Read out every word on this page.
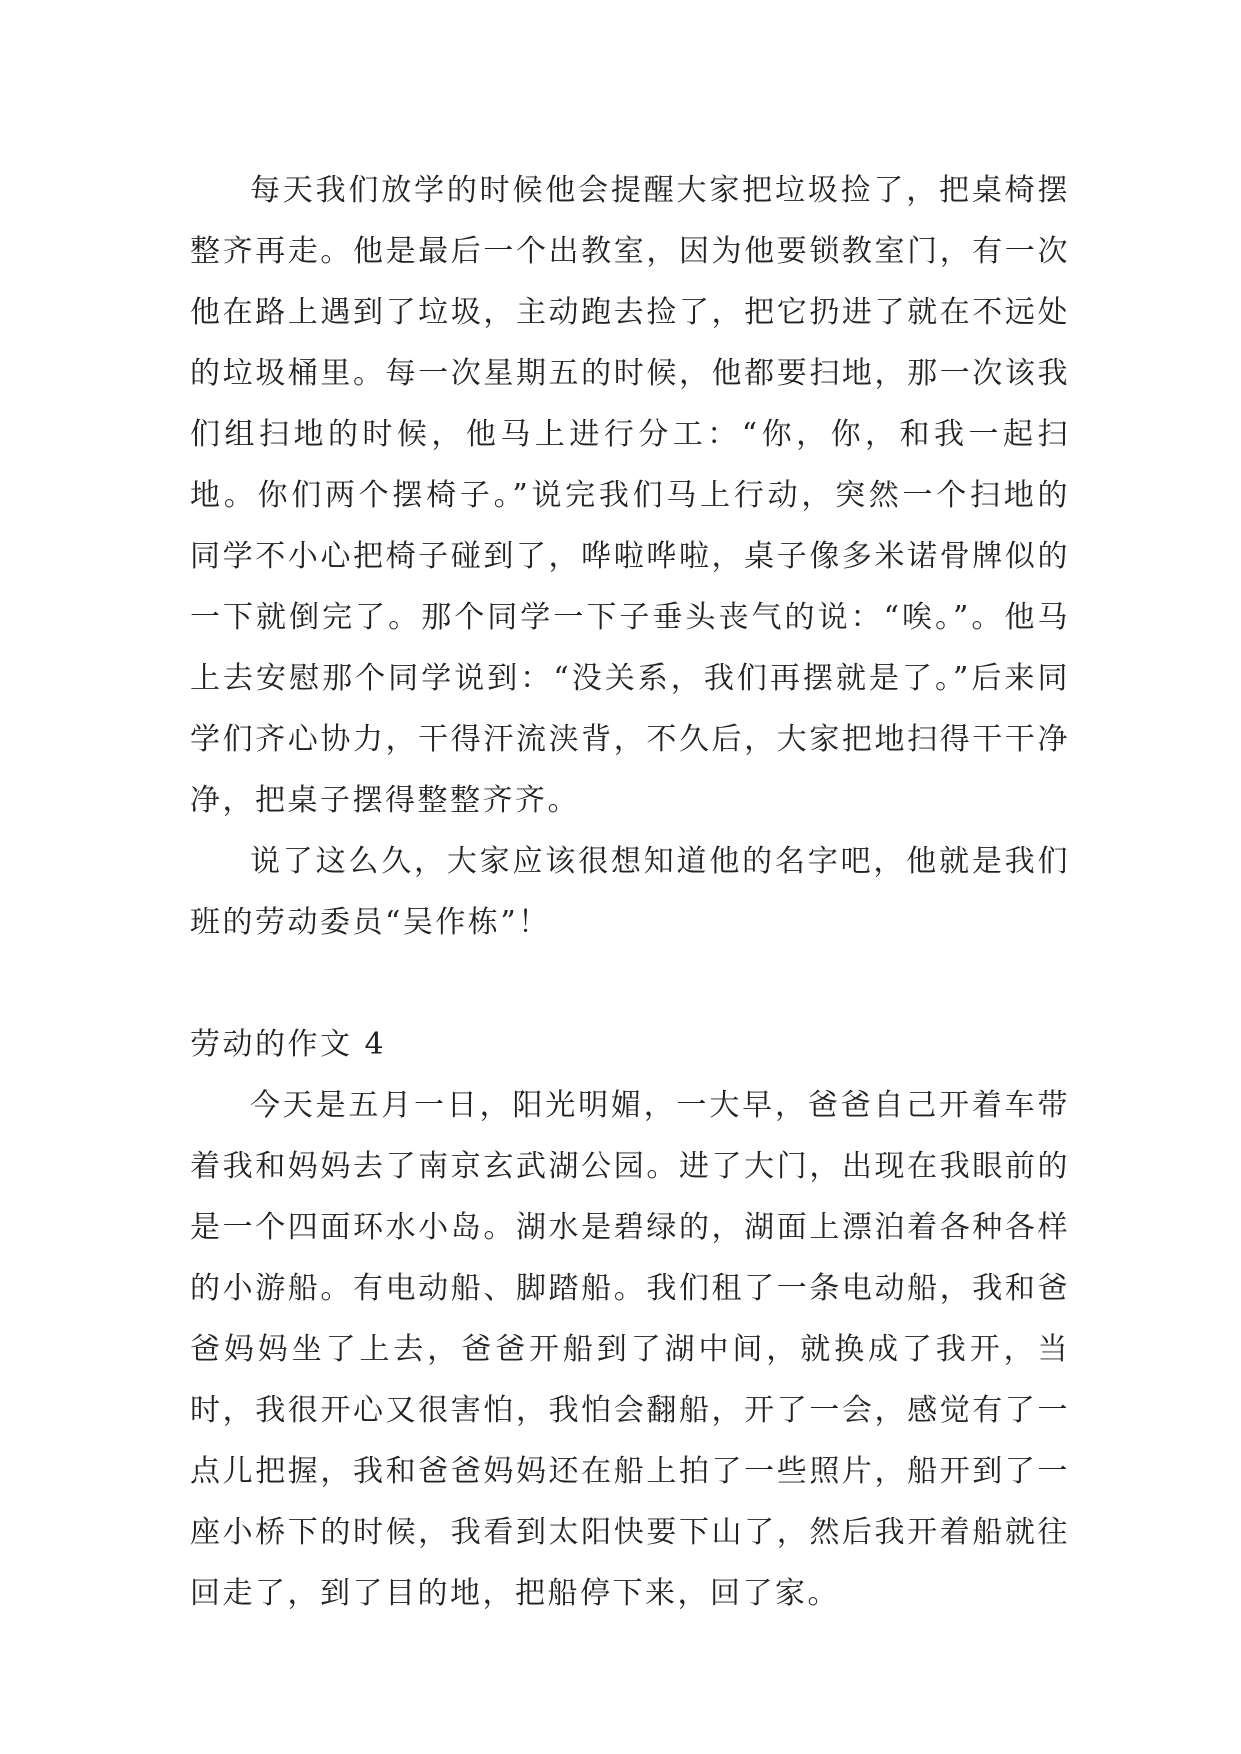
每天我们放学的时候他会提醒大家把垃圾捡了，把桌椅摆整齐再走。他是最后一个出教室，因为他要锁教室门，有一次他在路上遇到了垃圾，主动跑去捡了，把它扔进了就在不远处的垃圾桶里。每一次星期五的时候，他都要扫地，那一次该我们组扫地的时候，他马上进行分工：“你，你，和我一起扫地。你们两个摆椅子。”说完我们马上行动，突然一个扫地的同学不小心把椅子碰到了，哗啦哗啦，桌子像多米诺骨牌似的一下就倒完了。那个同学一下子垂头丧气的说：“唉。”。他马上去安慰那个同学说到：“没关系，我们再摆就是了。”后来同学们齐心协力，干得汗流浃背，不久后，大家把地扫得干干净净，把桌子摆得整整齐齐。

说了这么久，大家应该很想知道他的名字吧，他就是我们班的劳动委员“吴作栋”！

劳动的作文 4

今天是五月一日，阳光明媚，一大早，爸爸自己开着车带着我和妈妈去了南京玄武湖公园。进了大门，出现在我眼前的是一个四面环水小岛。湖水是碧绿的，湖面上漂泊着各种各样的小游船。有电动船、脚踏船。我们租了一条电动船，我和爸爸妈妈坐了上去，爸爸开船到了湖中间，就换成了我开，当时，我很开心又很害怕，我怕会翻船，开了一会，感觉有了一点儿把握，我和爸爸妈妈还在船上拍了一些照片，船开到了一座小桥下的时候，我看到太阳快要下山了，然后我开着船就往回走了，到了目的地，把船停下来，回了家。
